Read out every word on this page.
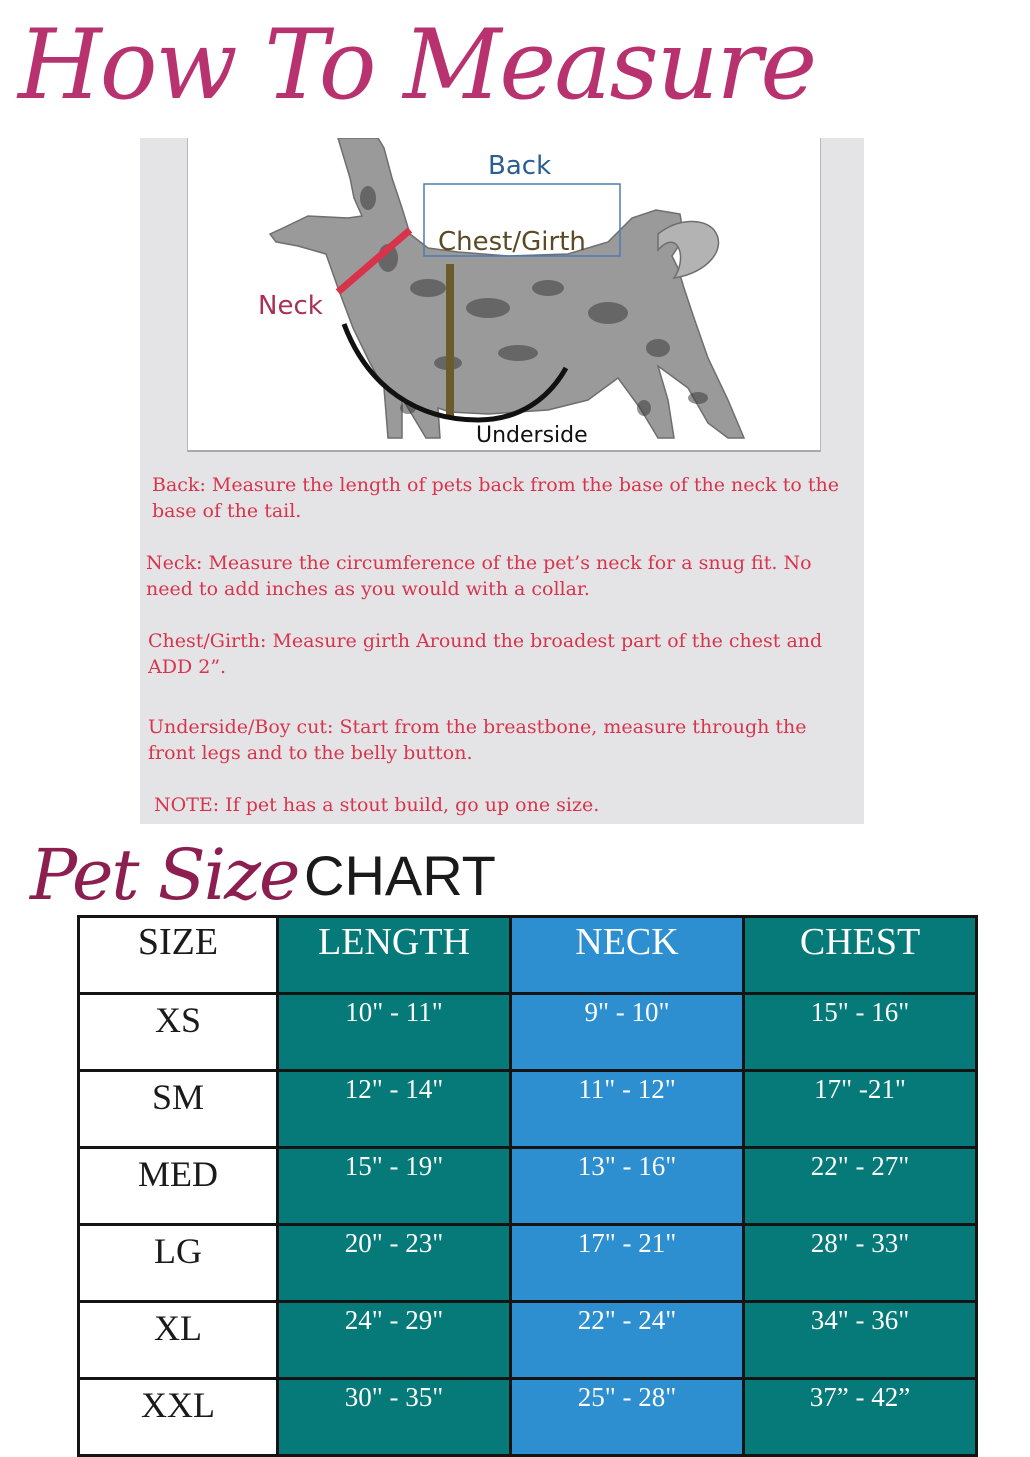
How To Measure
Back
Chest/Girth
Neck
Underside

Back: Measure the length of pets back from the base of the neck to the base of the tail.

Neck: Measure the circumference of the pet’s neck for a snug fit. No need to add inches as you would with a collar.

Chest/Girth: Measure girth Around the broadest part of the chest and ADD 2”.

Underside/Boy cut: Start from the breastbone, measure through the front legs and to the belly button.

NOTE: If pet has a stout build, go up one size.

Pet Size CHART
SIZE	LENGTH	NECK	CHEST
XS	10" - 11"	9" - 10"	15" - 16"
SM	12" - 14"	11" - 12"	17" -21"
MED	15" - 19"	13" - 16"	22" - 27"
LG	20" - 23"	17" - 21"	28" - 33"
XL	24" - 29"	22" - 24"	34" - 36"
XXL	30" - 35"	25" - 28"	37” - 42”
